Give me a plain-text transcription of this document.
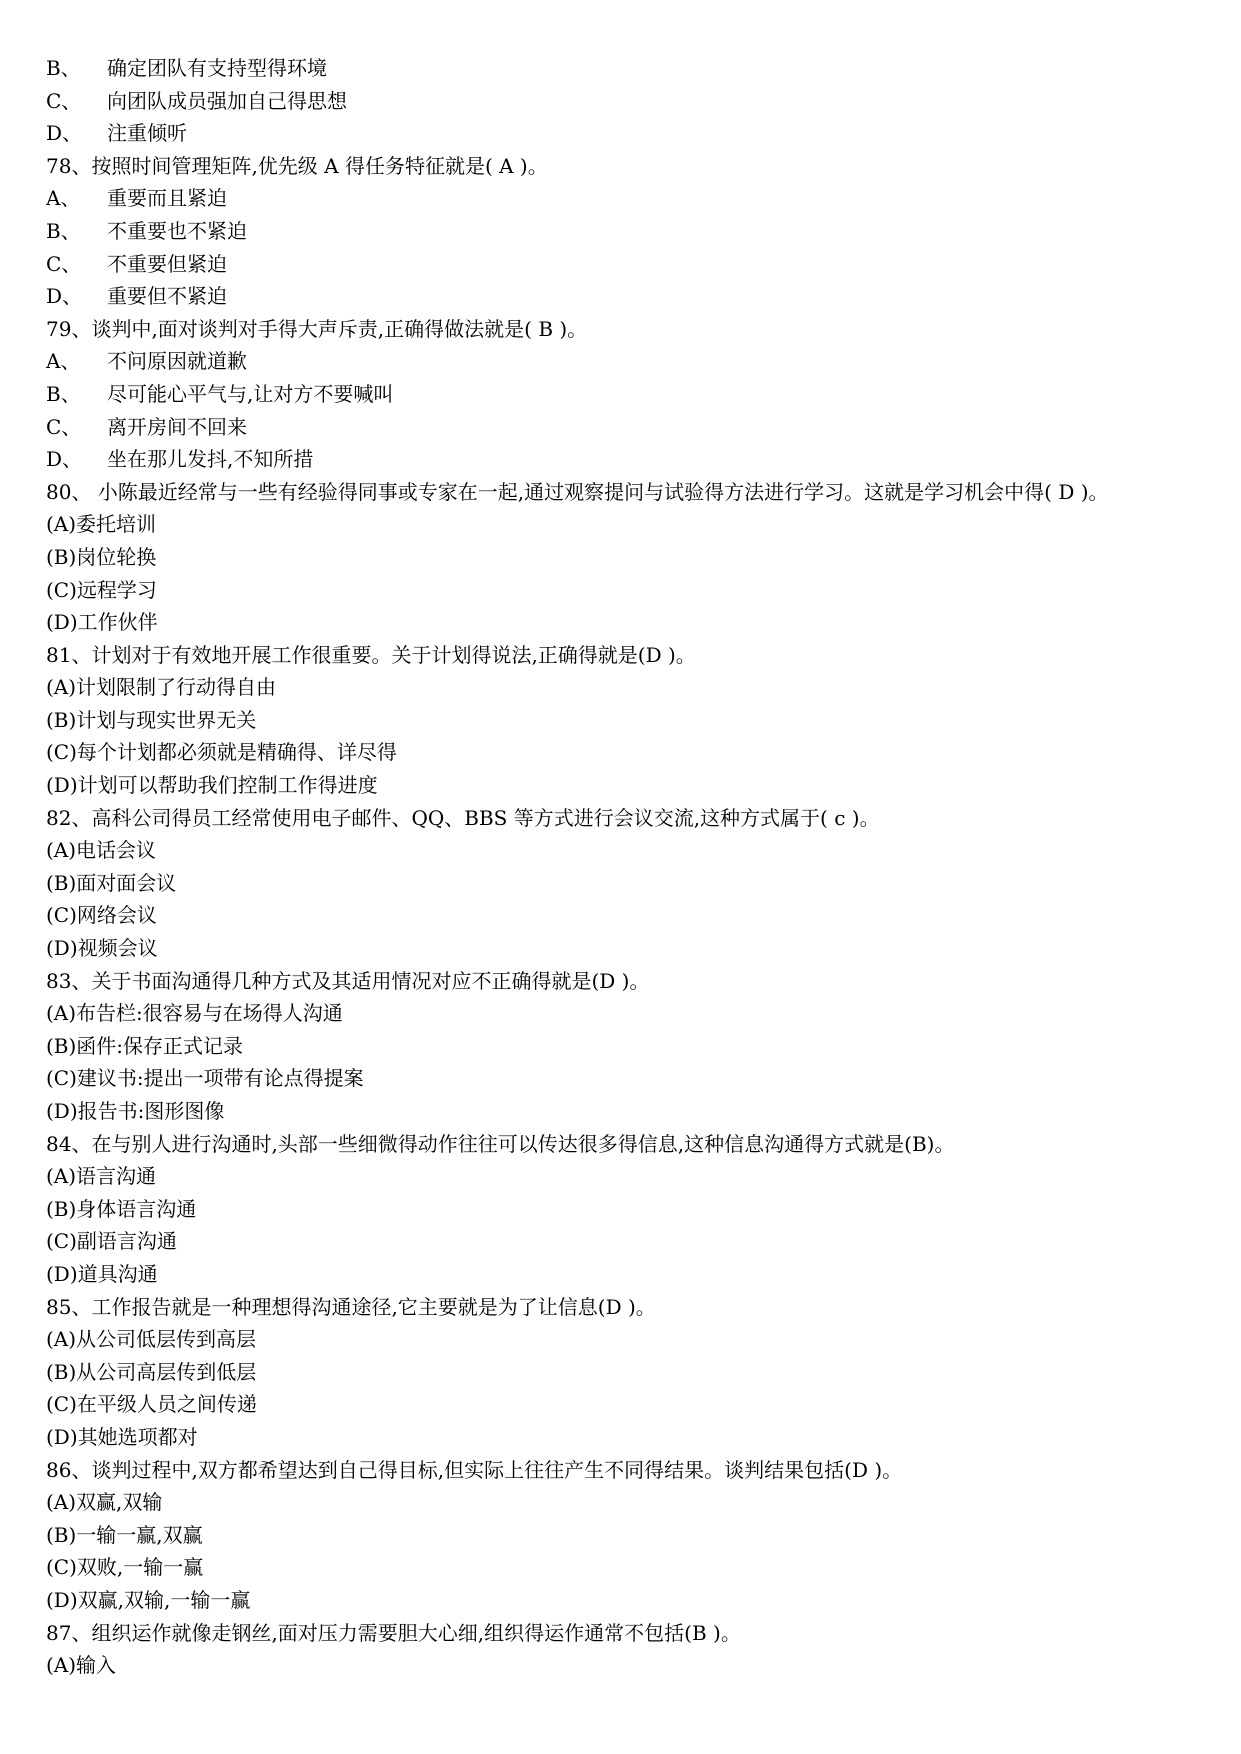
B、 确定团队有支持型得环境
C、 向团队成员强加自己得思想
D、 注重倾听
78、按照时间管理矩阵,优先级 A 得任务特征就是( A )。
A、 重要而且紧迫
B、 不重要也不紧迫
C、 不重要但紧迫
D、 重要但不紧迫
79、谈判中,面对谈判对手得大声斥责,正确得做法就是( B )。
A、 不问原因就道歉
B、 尽可能心平气与,让对方不要喊叫
C、 离开房间不回来
D、 坐在那儿发抖,不知所措
80、 小陈最近经常与一些有经验得同事或专家在一起,通过观察提问与试验得方法进行学习。这就是学习机会中得( D )。
(A)委托培训
(B)岗位轮换
(C)远程学习
(D)工作伙伴
81、计划对于有效地开展工作很重要。关于计划得说法,正确得就是(D )。
(A)计划限制了行动得自由
(B)计划与现实世界无关
(C)每个计划都必须就是精确得、详尽得
(D)计划可以帮助我们控制工作得进度
82、高科公司得员工经常使用电子邮件、QQ、BBS 等方式进行会议交流,这种方式属于( c )。
(A)电话会议
(B)面对面会议
(C)网络会议
(D)视频会议
83、关于书面沟通得几种方式及其适用情况对应不正确得就是(D )。
(A)布告栏:很容易与在场得人沟通
(B)函件:保存正式记录
(C)建议书:提出一项带有论点得提案
(D)报告书:图形图像
84、在与别人进行沟通时,头部一些细微得动作往往可以传达很多得信息,这种信息沟通得方式就是(B)。
(A)语言沟通
(B)身体语言沟通
(C)副语言沟通
(D)道具沟通
85、工作报告就是一种理想得沟通途径,它主要就是为了让信息(D )。
(A)从公司低层传到高层
(B)从公司高层传到低层
(C)在平级人员之间传递
(D)其她选项都对
86、谈判过程中,双方都希望达到自己得目标,但实际上往往产生不同得结果。谈判结果包括(D )。
(A)双赢,双输
(B)一输一赢,双赢
(C)双败,一输一赢
(D)双赢,双输,一输一赢
87、组织运作就像走钢丝,面对压力需要胆大心细,组织得运作通常不包括(B )。
(A)输入
